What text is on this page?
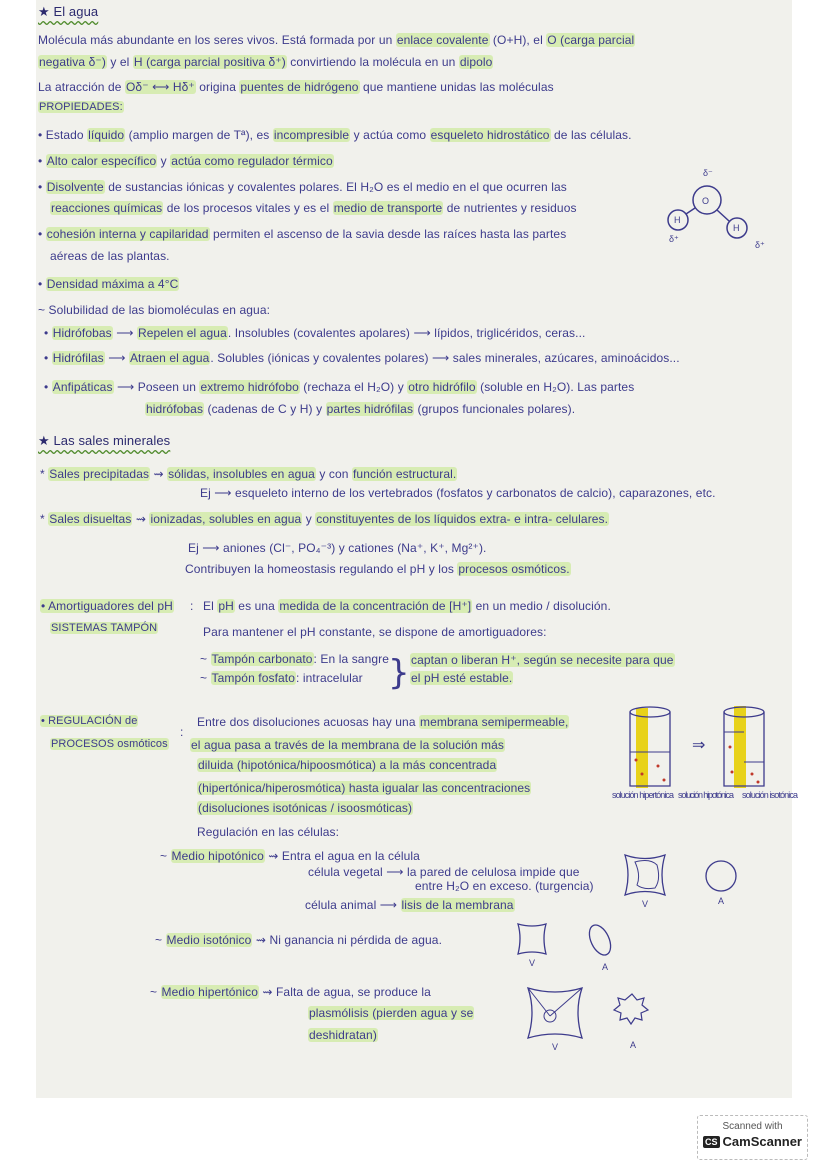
★ El agua
Molécula más abundante en los seres vivos. Está formada por un enlace covalente (O+H), el O (carga parcial
negativa δ⁻) y el H (carga parcial positiva δ⁺) convirtiendo la molécula en un dipolo
La atracción de Oδ⁻ ⟷ Hδ⁺ origina puentes de hidrógeno que mantiene unidas las moléculas
PROPIEDADES:
• Estado líquido (amplio margen de Tª), es incompresible y actúa como esqueleto hidrostático de las células.
• Alto calor específico y actúa como regulador térmico
• Disolvente de sustancias iónicas y covalentes polares. El H₂O es el medio en el que ocurren las
reacciones químicas de los procesos vitales y es el medio de transporte de nutrientes y residuos
• cohesión interna y capilaridad permiten el ascenso de la savia desde las raíces hasta las partes
aéreas de las plantas.
• Densidad máxima a 4°C
~ Solubilidad de las biomoléculas en agua:
• Hidrófobas ⟶ Repelen el agua. Insolubles (covalentes apolares) ⟶ lípidos, triglicéridos, ceras...
• Hidrófilas ⟶ Atraen el agua. Solubles (iónicas y covalentes polares) ⟶ sales minerales, azúcares, aminoácidos...
• Anfipáticas ⟶ Poseen un extremo hidrófobo (rechaza el H₂O) y otro hidrófilo (soluble en H₂O). Las partes
hidrófobas (cadenas de C y H) y partes hidrófilas (grupos funcionales polares).
★ Las sales minerales
* Sales precipitadas ⇝ sólidas, insolubles en agua y con función estructural.
Ej ⟶ esqueleto interno de los vertebrados (fosfatos y carbonatos de calcio), caparazones, etc.
* Sales disueltas ⇝ ionizadas, solubles en agua y constituyentes de los líquidos extra- e intra- celulares.
Ej ⟶ aniones (Cl⁻, PO₄⁻³) y cationes (Na⁺, K⁺, Mg²⁺).
Contribuyen la homeostasis regulando el pH y los procesos osmóticos.
• Amortiguadores del pH
SISTEMAS TAMPÓN
: El pH es una medida de la concentración de [H⁺] en un medio / disolución.
Para mantener el pH constante, se dispone de amortiguadores:
~ Tampón carbonato: En la sangre
~ Tampón fosfato: intracelular } captan o liberan H⁺, según se necesite para que
el pH esté estable.
• REGULACIÓN de
PROCESOS osmóticos
:
Entre dos disoluciones acuosas hay una membrana semipermeable,
el agua pasa a través de la membrana de la solución más
diluida (hipotónica/hipoosmótica) a la más concentrada
(hipertónica/hiperosmótica) hasta igualar las concentraciones
(disoluciones isotónicas / isoosmóticas)
Regulación en las células:
~ Medio hipotónico ⇝ Entra el agua en la célula
célula vegetal ⟶ la pared de celulosa impide que
entre H₂O en exceso. (turgencia)
célula animal ⟶ lisis de la membrana
~ Medio isotónico ⇝ Ni ganancia ni pérdida de agua.
~ Medio hipertónico ⇝ Falta de agua, se produce la
plasmólisis (pierden agua y se
deshidratan)
O
H
H
δ⁻
δ⁺
δ⁺
⇒
solución hipertónica solución hipotónica solución isotónica
V	A
V	A
V	A
Scanned with
CS CamScanner
